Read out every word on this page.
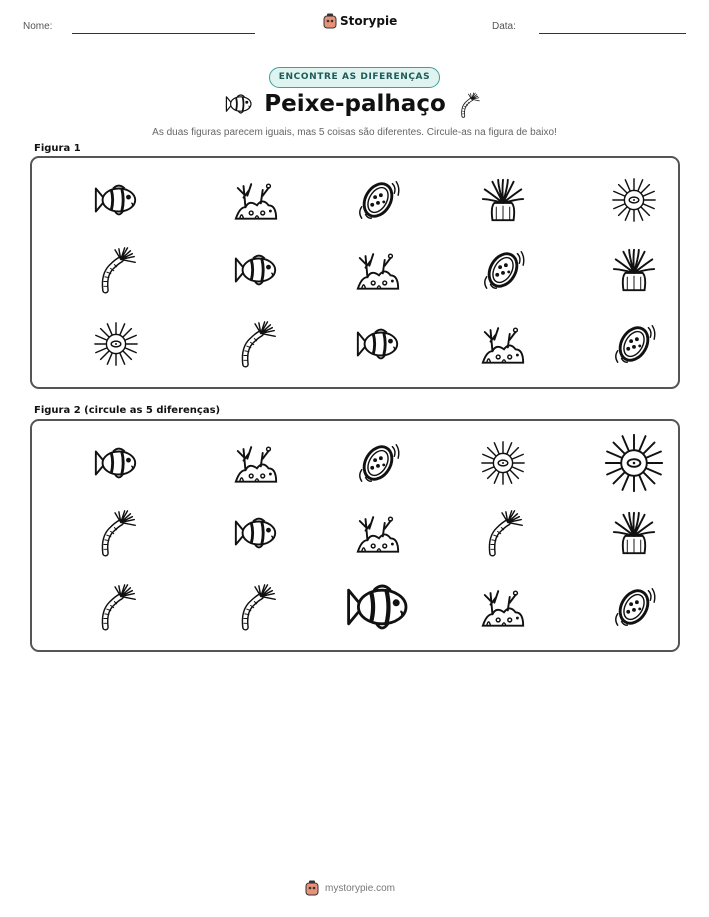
Nome:	Storypie	Data:
ENCONTRE AS DIFERENÇAS
Peixe-palhaço
As duas figuras parecem iguais, mas 5 coisas são diferentes. Circule-as na figura de baixo!
Figura 1
Figura 2 (circule as 5 diferenças)
mystorypie.com
